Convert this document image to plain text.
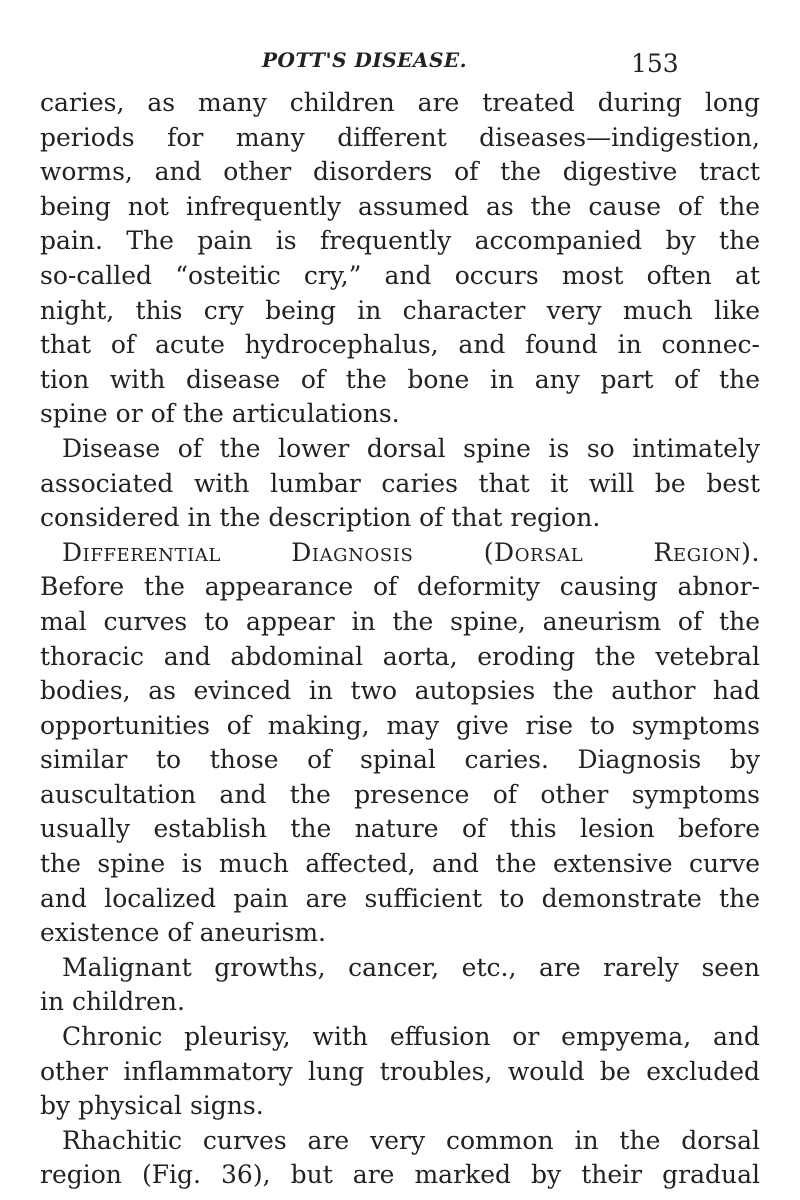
POTT'S DISEASE.	153
caries, as many children are treated during long
periods for many different diseases—indigestion,
worms, and other disorders of the digestive tract
being not infrequently assumed as the cause of the
pain. The pain is frequently accompanied by the
so-called “osteitic cry,” and occurs most often at
night, this cry being in character very much like
that of acute hydrocephalus, and found in connec-
tion with disease of the bone in any part of the
spine or of the articulations.
Disease of the lower dorsal spine is so intimately
associated with lumbar caries that it will be best
considered in the description of that region.
Differential Diagnosis (Dorsal Region).
Before the appearance of deformity causing abnor-
mal curves to appear in the spine, aneurism of the
thoracic and abdominal aorta, eroding the vetebral
bodies, as evinced in two autopsies the author had
opportunities of making, may give rise to symptoms
similar to those of spinal caries. Diagnosis by
auscultation and the presence of other symptoms
usually establish the nature of this lesion before
the spine is much affected, and the extensive curve
and localized pain are sufficient to demonstrate the
existence of aneurism.
Malignant growths, cancer, etc., are rarely seen
in children.
Chronic pleurisy, with effusion or empyema, and
other inflammatory lung troubles, would be excluded
by physical signs.
Rhachitic curves are very common in the dorsal
region (Fig. 36), but are marked by their gradual
